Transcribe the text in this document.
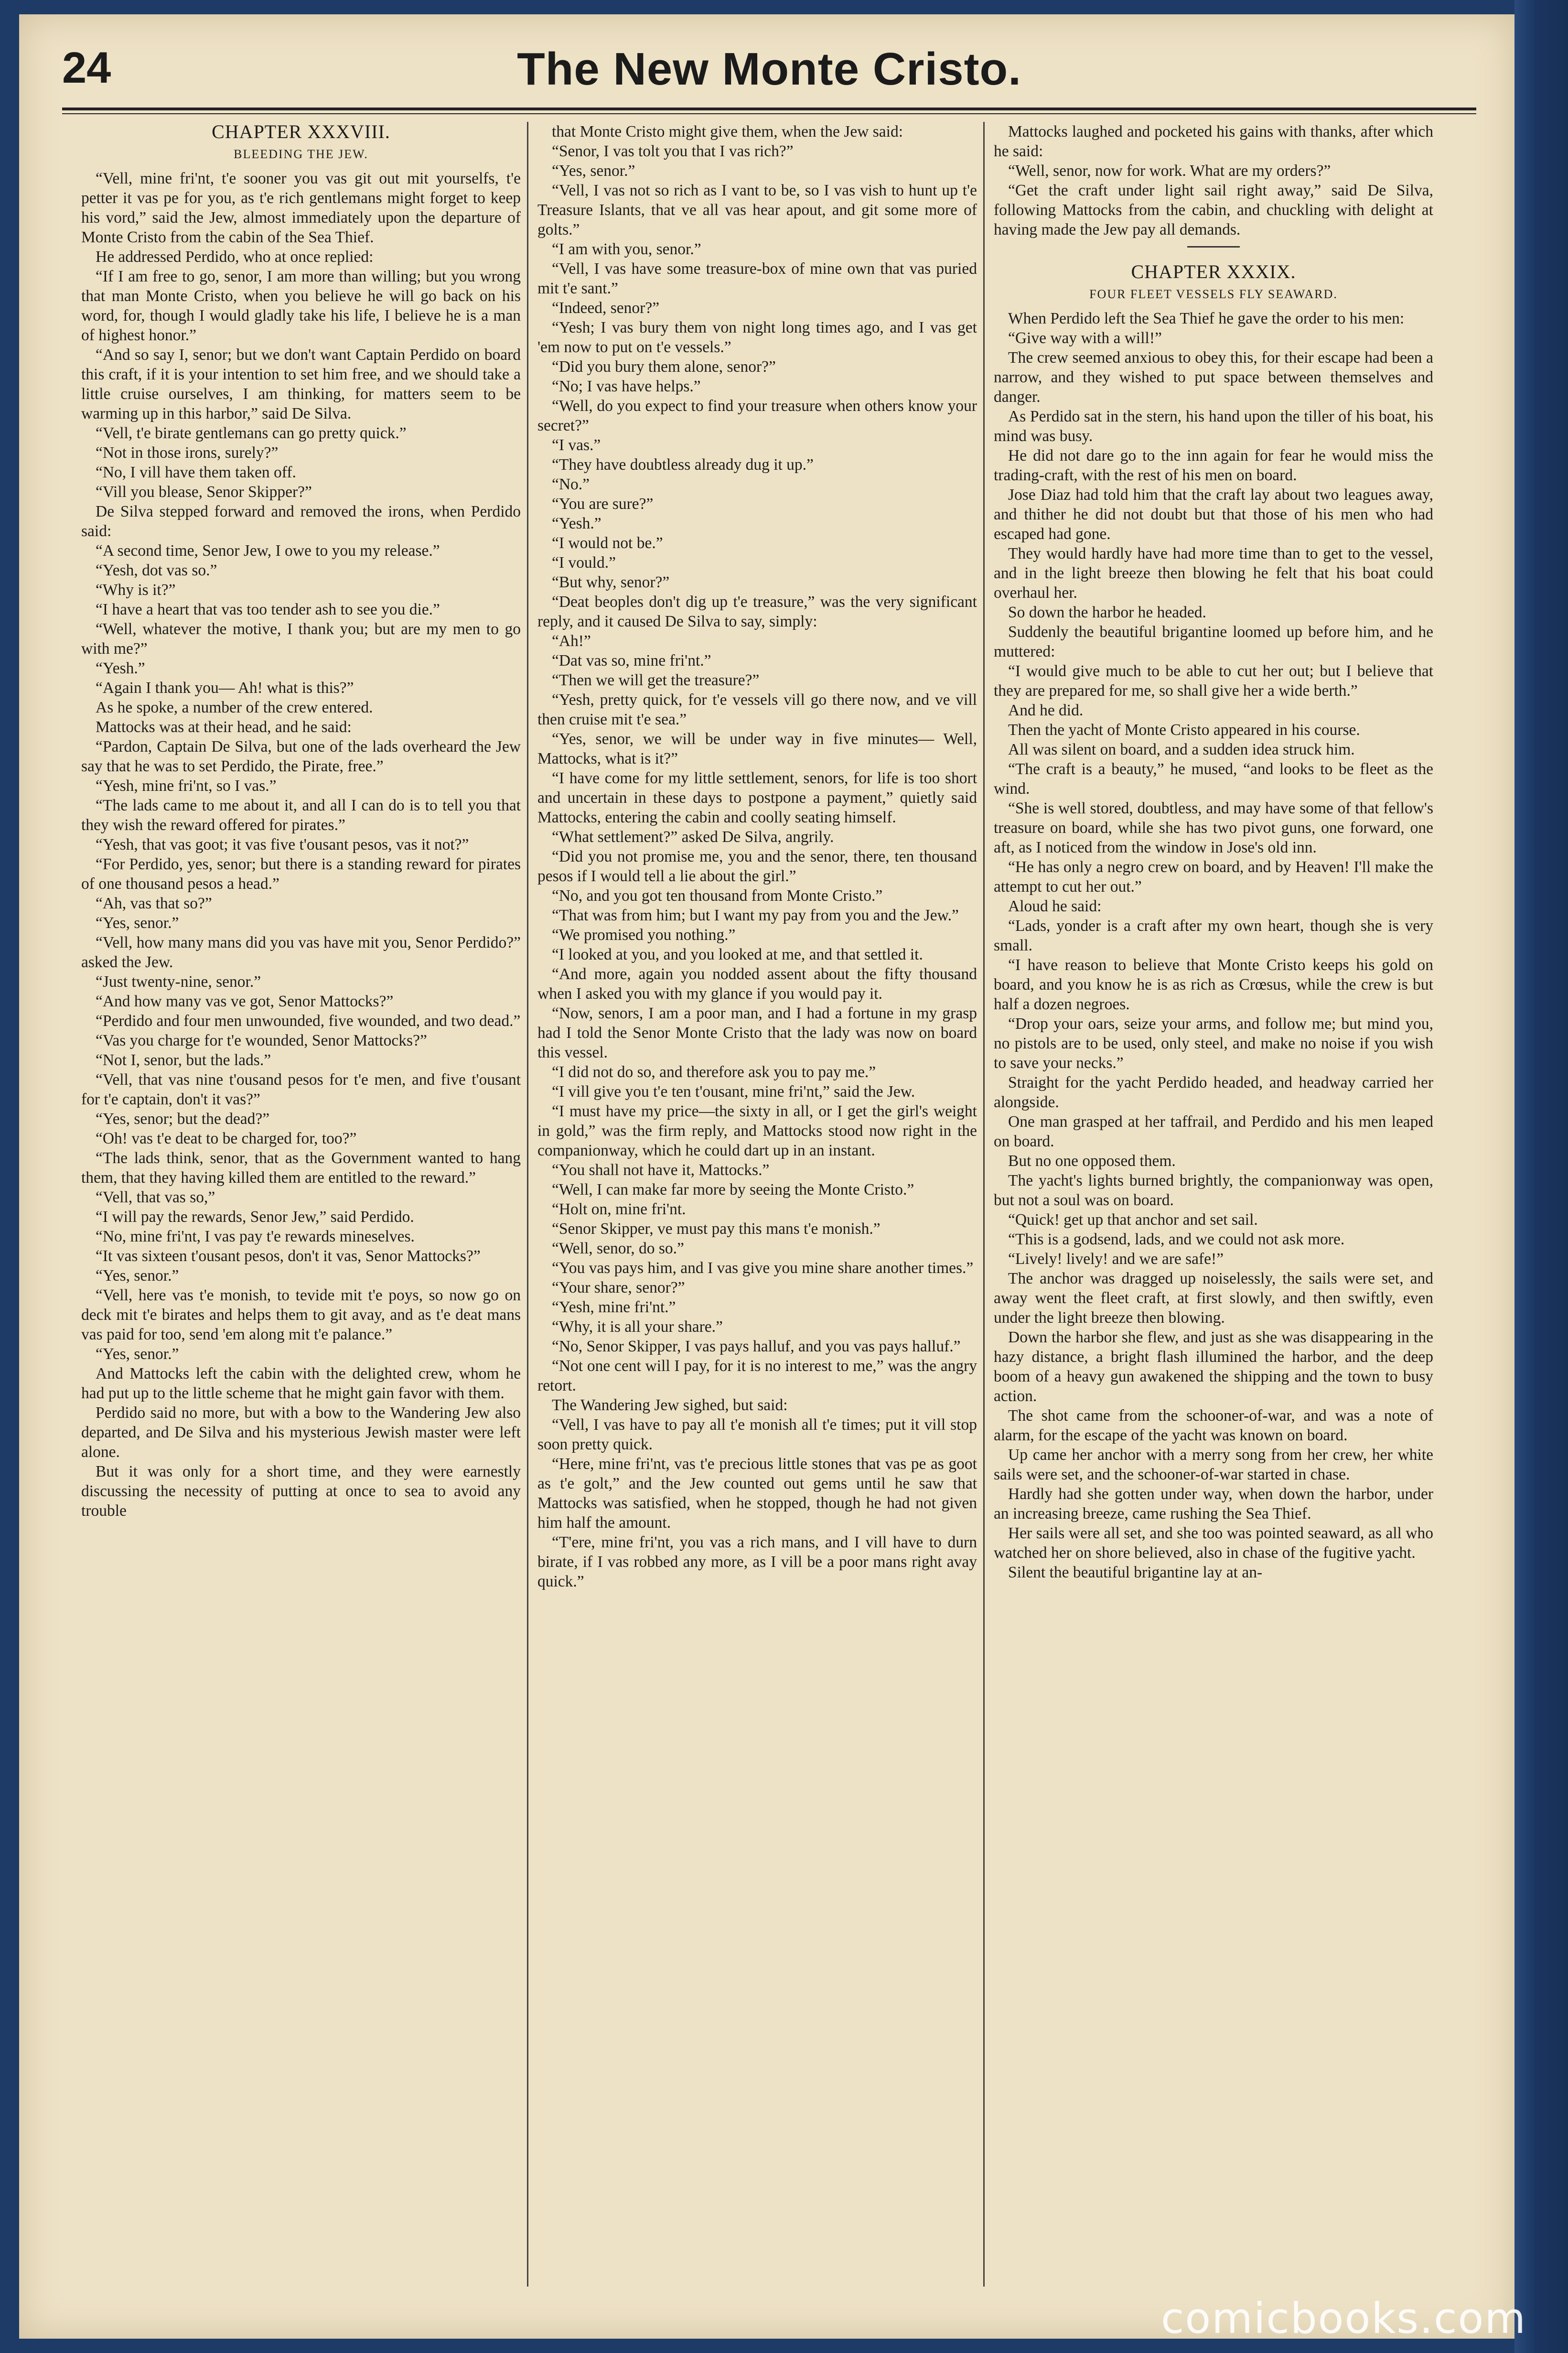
24	The New Monte Cristo.
CHAPTER XXXVIII.
BLEEDING THE JEW.

“Vell, mine fri'nt, t'e sooner you vas git out mit yourselfs, t'e petter it vas pe for you, as t'e rich gentlemans might forget to keep his vord,” said the Jew, almost immediately upon the departure of Monte Cristo from the cabin of the Sea Thief.

He addressed Perdido, who at once replied:

“If I am free to go, senor, I am more than willing; but you wrong that man Monte Cristo, when you believe he will go back on his word, for, though I would gladly take his life, I believe he is a man of highest honor.”

“And so say I, senor; but we don't want Captain Perdido on board this craft, if it is your intention to set him free, and we should take a little cruise ourselves, I am thinking, for matters seem to be warming up in this harbor,” said De Silva.

“Vell, t'e birate gentlemans can go pretty quick.”

“Not in those irons, surely?”

“No, I vill have them taken off.

“Vill you blease, Senor Skipper?”

De Silva stepped forward and removed the irons, when Perdido said:

“A second time, Senor Jew, I owe to you my release.”

“Yesh, dot vas so.”

“Why is it?”

“I have a heart that vas too tender ash to see you die.”

“Well, whatever the motive, I thank you; but are my men to go with me?”

“Yesh.”

“Again I thank you— Ah! what is this?”

As he spoke, a number of the crew entered.

Mattocks was at their head, and he said:

“Pardon, Captain De Silva, but one of the lads overheard the Jew say that he was to set Perdido, the Pirate, free.”

“Yesh, mine fri'nt, so I vas.”

“The lads came to me about it, and all I can do is to tell you that they wish the reward offered for pirates.”

“Yesh, that vas goot; it vas five t'ousant pesos, vas it not?”

“For Perdido, yes, senor; but there is a standing reward for pirates of one thousand pesos a head.”

“Ah, vas that so?”

“Yes, senor.”

“Vell, how many mans did you vas have mit you, Senor Perdido?” asked the Jew.

“Just twenty-nine, senor.”

“And how many vas ve got, Senor Mattocks?”

“Perdido and four men unwounded, five wounded, and two dead.”

“Vas you charge for t'e wounded, Senor Mattocks?”

“Not I, senor, but the lads.”

“Vell, that vas nine t'ousand pesos for t'e men, and five t'ousant for t'e captain, don't it vas?”

“Yes, senor; but the dead?”

“Oh! vas t'e deat to be charged for, too?”

“The lads think, senor, that as the Government wanted to hang them, that they having killed them are entitled to the reward.”

“Vell, that vas so,”

“I will pay the rewards, Senor Jew,” said Perdido.

“No, mine fri'nt, I vas pay t'e rewards mineselves.

“It vas sixteen t'ousant pesos, don't it vas, Senor Mattocks?”

“Yes, senor.”

“Vell, here vas t'e monish, to tevide mit t'e poys, so now go on deck mit t'e birates and helps them to git avay, and as t'e deat mans vas paid for too, send 'em along mit t'e palance.”

“Yes, senor.”

And Mattocks left the cabin with the delighted crew, whom he had put up to the little scheme that he might gain favor with them.

Perdido said no more, but with a bow to the Wandering Jew also departed, and De Silva and his mysterious Jewish master were left alone.

But it was only for a short time, and they were earnestly discussing the necessity of putting at once to sea to avoid any trouble

that Monte Cristo might give them, when the Jew said:

“Senor, I vas tolt you that I vas rich?”

“Yes, senor.”

“Vell, I vas not so rich as I vant to be, so I vas vish to hunt up t'e Treasure Islants, that ve all vas hear apout, and git some more of golts.”

“I am with you, senor.”

“Vell, I vas have some treasure-box of mine own that vas puried mit t'e sant.”

“Indeed, senor?”

“Yesh; I vas bury them von night long times ago, and I vas get 'em now to put on t'e vessels.”

“Did you bury them alone, senor?”

“No; I vas have helps.”

“Well, do you expect to find your treasure when others know your secret?”

“I vas.”

“They have doubtless already dug it up.”

“No.”

“You are sure?”

“Yesh.”

“I would not be.”

“I vould.”

“But why, senor?”

“Deat beoples don't dig up t'e treasure,” was the very significant reply, and it caused De Silva to say, simply:

“Ah!”

“Dat vas so, mine fri'nt.”

“Then we will get the treasure?”

“Yesh, pretty quick, for t'e vessels vill go there now, and ve vill then cruise mit t'e sea.”

“Yes, senor, we will be under way in five minutes— Well, Mattocks, what is it?”

“I have come for my little settlement, senors, for life is too short and uncertain in these days to postpone a payment,” quietly said Mattocks, entering the cabin and coolly seating himself.

“What settlement?” asked De Silva, angrily.

“Did you not promise me, you and the senor, there, ten thousand pesos if I would tell a lie about the girl.”

“No, and you got ten thousand from Monte Cristo.”

“That was from him; but I want my pay from you and the Jew.”

“We promised you nothing.”

“I looked at you, and you looked at me, and that settled it.

“And more, again you nodded assent about the fifty thousand when I asked you with my glance if you would pay it.

“Now, senors, I am a poor man, and I had a fortune in my grasp had I told the Senor Monte Cristo that the lady was now on board this vessel.

“I did not do so, and therefore ask you to pay me.”

“I vill give you t'e ten t'ousant, mine fri'nt,” said the Jew.

“I must have my price—the sixty in all, or I get the girl's weight in gold,” was the firm reply, and Mattocks stood now right in the companionway, which he could dart up in an instant.

“You shall not have it, Mattocks.”

“Well, I can make far more by seeing the Monte Cristo.”

“Holt on, mine fri'nt.

“Senor Skipper, ve must pay this mans t'e monish.”

“Well, senor, do so.”

“You vas pays him, and I vas give you mine share another times.”

“Your share, senor?”

“Yesh, mine fri'nt.”

“Why, it is all your share.”

“No, Senor Skipper, I vas pays halluf, and you vas pays halluf.”

“Not one cent will I pay, for it is no interest to me,” was the angry retort.

The Wandering Jew sighed, but said:

“Vell, I vas have to pay all t'e monish all t'e times; put it vill stop soon pretty quick.

“Here, mine fri'nt, vas t'e precious little stones that vas pe as goot as t'e golt,” and the Jew counted out gems until he saw that Mattocks was satisfied, when he stopped, though he had not given him half the amount.

“T'ere, mine fri'nt, you vas a rich mans, and I vill have to durn birate, if I vas robbed any more, as I vill be a poor mans right avay quick.”

Mattocks laughed and pocketed his gains with thanks, after which he said:

“Well, senor, now for work. What are my orders?”

“Get the craft under light sail right away,” said De Silva, following Mattocks from the cabin, and chuckling with delight at having made the Jew pay all demands.

CHAPTER XXXIX.
FOUR FLEET VESSELS FLY SEAWARD.

When Perdido left the Sea Thief he gave the order to his men:

“Give way with a will!”

The crew seemed anxious to obey this, for their escape had been a narrow, and they wished to put space between themselves and danger.

As Perdido sat in the stern, his hand upon the tiller of his boat, his mind was busy.

He did not dare go to the inn again for fear he would miss the trading-craft, with the rest of his men on board.

Jose Diaz had told him that the craft lay about two leagues away, and thither he did not doubt but that those of his men who had escaped had gone.

They would hardly have had more time than to get to the vessel, and in the light breeze then blowing he felt that his boat could overhaul her.

So down the harbor he headed.

Suddenly the beautiful brigantine loomed up before him, and he muttered:

“I would give much to be able to cut her out; but I believe that they are prepared for me, so shall give her a wide berth.”

And he did.

Then the yacht of Monte Cristo appeared in his course.

All was silent on board, and a sudden idea struck him.

“The craft is a beauty,” he mused, “and looks to be fleet as the wind.

“She is well stored, doubtless, and may have some of that fellow's treasure on board, while she has two pivot guns, one forward, one aft, as I noticed from the window in Jose's old inn.

“He has only a negro crew on board, and by Heaven! I'll make the attempt to cut her out.”

Aloud he said:

“Lads, yonder is a craft after my own heart, though she is very small.

“I have reason to believe that Monte Cristo keeps his gold on board, and you know he is as rich as Crœsus, while the crew is but half a dozen negroes.

“Drop your oars, seize your arms, and follow me; but mind you, no pistols are to be used, only steel, and make no noise if you wish to save your necks.”

Straight for the yacht Perdido headed, and headway carried her alongside.

One man grasped at her taffrail, and Perdido and his men leaped on board.

But no one opposed them.

The yacht's lights burned brightly, the companionway was open, but not a soul was on board.

“Quick! get up that anchor and set sail.

“This is a godsend, lads, and we could not ask more.

“Lively! lively! and we are safe!”

The anchor was dragged up noiselessly, the sails were set, and away went the fleet craft, at first slowly, and then swiftly, even under the light breeze then blowing.

Down the harbor she flew, and just as she was disappearing in the hazy distance, a bright flash illumined the harbor, and the deep boom of a heavy gun awakened the shipping and the town to busy action.

The shot came from the schooner-of-war, and was a note of alarm, for the escape of the yacht was known on board.

Up came her anchor with a merry song from her crew, her white sails were set, and the schooner-of-war started in chase.

Hardly had she gotten under way, when down the harbor, under an increasing breeze, came rushing the Sea Thief.

Her sails were all set, and she too was pointed seaward, as all who watched her on shore believed, also in chase of the fugitive yacht.

Silent the beautiful brigantine lay at an-

comicbooks.com
